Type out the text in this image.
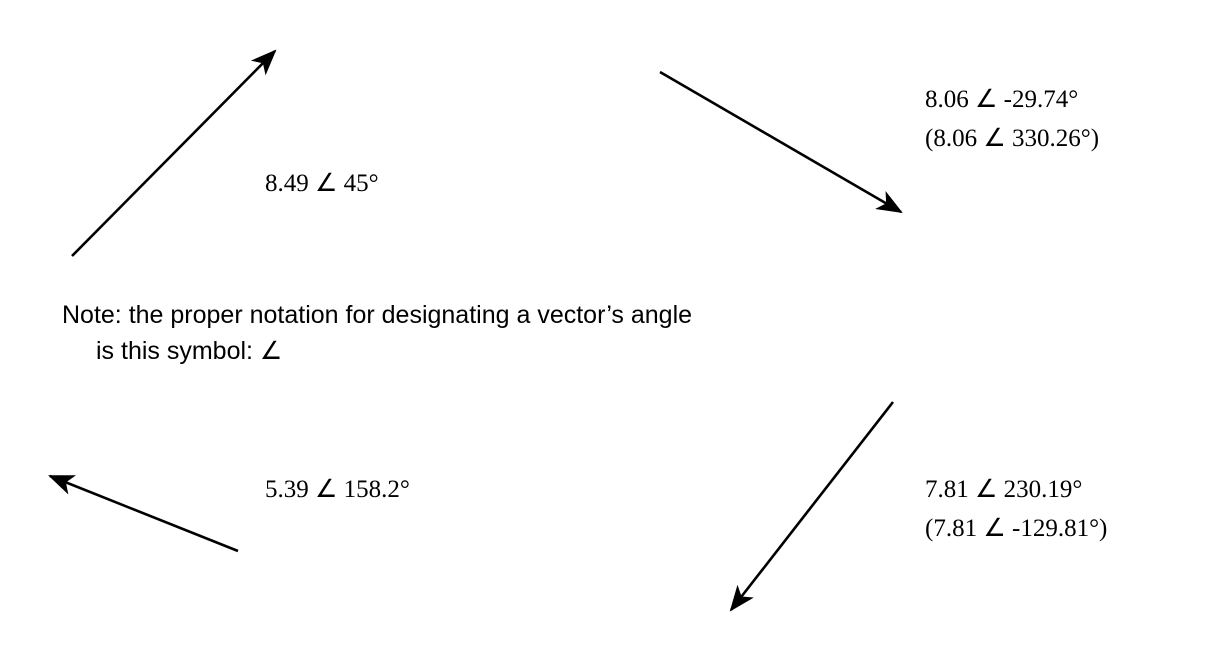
8.49 ∠ 45°
8.06 ∠ -29.74°
(8.06 ∠ 330.26°)
5.39 ∠ 158.2°	7.81 ∠ 230.19°
(7.81 ∠ -129.81°)
Note: the proper notation for designating a vector’s angle
is this symbol: ∠
